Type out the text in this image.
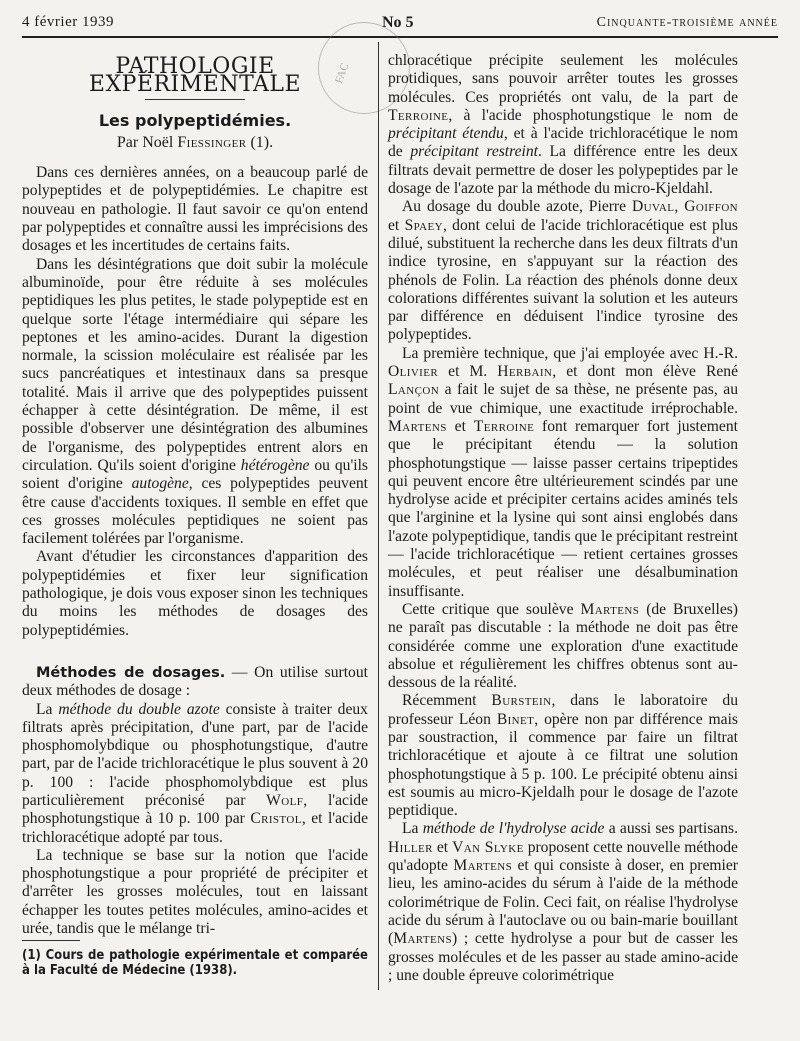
4 février 1939	No 5	Cinquante-troisième année
FAC
PATHOLOGIE EXPÉRIMENTALE
Les polypeptidémies.
Par Noël Fiessinger (1).

Dans ces dernières années, on a beaucoup parlé de polypeptides et de polypeptidémies. Le chapitre est nouveau en pathologie. Il faut savoir ce qu'on entend par polypeptides et connaître aussi les imprécisions des dosages et les incertitudes de certains faits.

Dans les désintégrations que doit subir la molécule albuminoïde, pour être réduite à ses molécules peptidiques les plus petites, le stade polypeptide est en quelque sorte l'étage intermédiaire qui sépare les peptones et les amino-acides. Durant la digestion normale, la scission moléculaire est réalisée par les sucs pancréatiques et intestinaux dans sa presque totalité. Mais il arrive que des polypeptides puissent échapper à cette désintégration. De même, il est possible d'observer une désintégration des albumines de l'organisme, des polypeptides entrent alors en circulation. Qu'ils soient d'origine hétérogène ou qu'ils soient d'origine autogène, ces polypeptides peuvent être cause d'accidents toxiques. Il semble en effet que ces grosses molécules peptidiques ne soient pas facilement tolérées par l'organisme.

Avant d'étudier les circonstances d'apparition des polypeptidémies et fixer leur signification pathologique, je dois vous exposer sinon les techniques du moins les méthodes de dosages des polypeptidémies.

Méthodes de dosages. — On utilise surtout deux méthodes de dosage :

La méthode du double azote consiste à traiter deux filtrats après précipitation, d'une part, par de l'acide phosphomolybdique ou phosphotungstique, d'autre part, par de l'acide trichloracétique le plus souvent à 20 p. 100 : l'acide phosphomolybdique est plus particulièrement préconisé par Wolf, l'acide phosphotungstique à 10 p. 100 par Cristol, et l'acide trichloracétique adopté par tous.

La technique se base sur la notion que l'acide phosphotungstique a pour propriété de précipiter et d'arrêter les grosses molécules, tout en laissant échapper les toutes petites molécules, amino-acides et urée, tandis que le mélange tri-

(1) Cours de pathologie expérimentale et comparée à la Faculté de Médecine (1938).

chloracétique précipite seulement les molécules protidiques, sans pouvoir arrêter toutes les grosses molécules. Ces propriétés ont valu, de la part de Terroine, à l'acide phosphotungstique le nom de précipitant étendu, et à l'acide trichloracétique le nom de précipitant restreint. La différence entre les deux filtrats devait permettre de doser les polypeptides par le dosage de l'azote par la méthode du micro-Kjeldahl.

Au dosage du double azote, Pierre Duval, Goiffon et Spaey, dont celui de l'acide trichloracétique est plus dilué, substituent la recherche dans les deux filtrats d'un indice tyrosine, en s'appuyant sur la réaction des phénols de Folin. La réaction des phénols donne deux colorations différentes suivant la solution et les auteurs par différence en déduisent l'indice tyrosine des polypeptides.

La première technique, que j'ai employée avec H.-R. Olivier et M. Herbain, et dont mon élève René Lançon a fait le sujet de sa thèse, ne présente pas, au point de vue chimique, une exactitude irréprochable. Martens et Terroine font remarquer fort justement que le précipitant étendu — la solution phosphotungstique — laisse passer certains tripeptides qui peuvent encore être ultérieurement scindés par une hydrolyse acide et précipiter certains acides aminés tels que l'arginine et la lysine qui sont ainsi englobés dans l'azote polypeptidique, tandis que le précipitant restreint — l'acide trichloracétique — retient certaines grosses molécules, et peut réaliser une désalbumination insuffisante.

Cette critique que soulève Martens (de Bruxelles) ne paraît pas discutable : la méthode ne doit pas être considérée comme une exploration d'une exactitude absolue et régulièrement les chiffres obtenus sont au-dessous de la réalité.

Récemment Burstein, dans le laboratoire du professeur Léon Binet, opère non par différence mais par soustraction, il commence par faire un filtrat trichloracétique et ajoute à ce filtrat une solution phosphotungstique à 5 p. 100. Le précipité obtenu ainsi est soumis au micro-Kjeldalh pour le dosage de l'azote peptidique.

La méthode de l'hydrolyse acide a aussi ses partisans. Hiller et Van Slyke proposent cette nouvelle méthode qu'adopte Martens et qui consiste à doser, en premier lieu, les amino-acides du sérum à l'aide de la méthode colorimétrique de Folin. Ceci fait, on réalise l'hydrolyse acide du sérum à l'autoclave ou ou bain-marie bouillant (Martens) ; cette hydrolyse a pour but de casser les grosses molécules et de les passer au stade amino-acide ; une double épreuve colorimétrique
